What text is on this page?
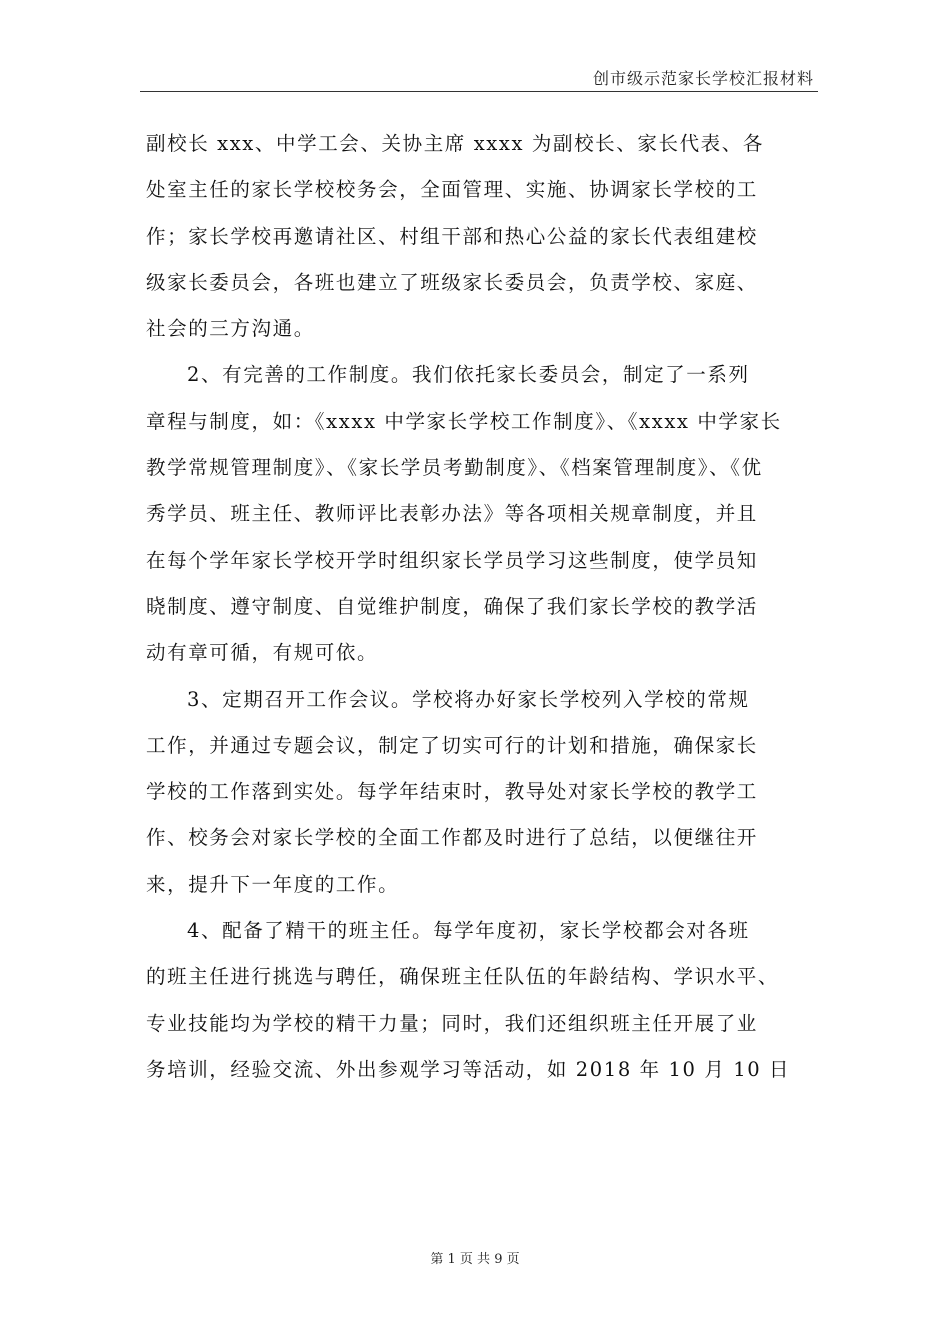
创市级示范家长学校汇报材料
副校长 xxx、中学工会、关协主席 xxxx 为副校长、家长代表、各
处室主任的家长学校校务会，全面管理、实施、协调家长学校的工
作；家长学校再邀请社区、村组干部和热心公益的家长代表组建校
级家长委员会，各班也建立了班级家长委员会，负责学校、家庭、
社会的三方沟通。
2、有完善的工作制度。我们依托家长委员会，制定了一系列
章程与制度，如：《xxxx 中学家长学校工作制度》、《xxxx 中学家长
教学常规管理制度》、《家长学员考勤制度》、《档案管理制度》、《优
秀学员、班主任、教师评比表彰办法》等各项相关规章制度，并且
在每个学年家长学校开学时组织家长学员学习这些制度，使学员知
晓制度、遵守制度、自觉维护制度，确保了我们家长学校的教学活
动有章可循，有规可依。
3、定期召开工作会议。学校将办好家长学校列入学校的常规
工作，并通过专题会议，制定了切实可行的计划和措施，确保家长
学校的工作落到实处。每学年结束时，教导处对家长学校的教学工
作、校务会对家长学校的全面工作都及时进行了总结，以便继往开
来，提升下一年度的工作。
4、配备了精干的班主任。每学年度初，家长学校都会对各班
的班主任进行挑选与聘任，确保班主任队伍的年龄结构、学识水平、
专业技能均为学校的精干力量；同时，我们还组织班主任开展了业
务培训，经验交流、外出参观学习等活动，如 2018 年 10 月 10 日
第 1 页 共 9 页
